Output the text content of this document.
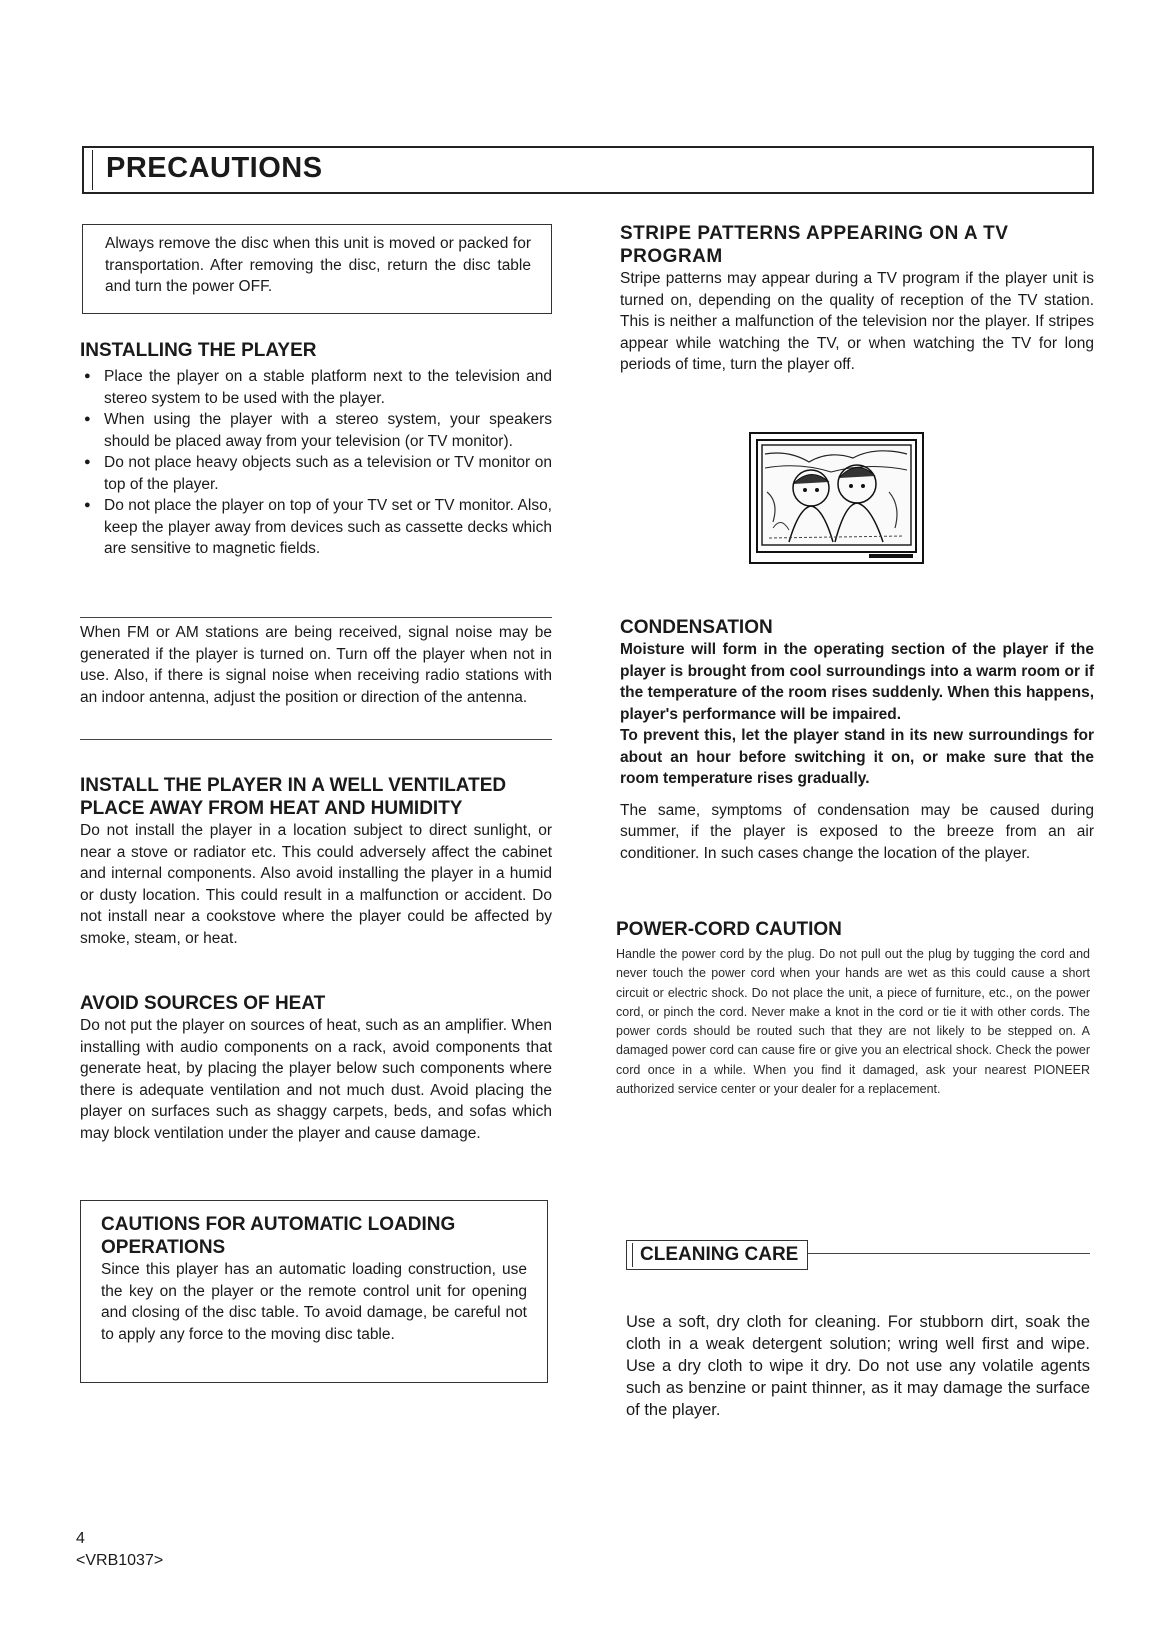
PRECAUTIONS

Always remove the disc when this unit is moved or packed for transportation. After removing the disc, return the disc table and turn the power OFF.

INSTALLING THE PLAYER
● Place the player on a stable platform next to the television and stereo system to be used with the player.
● When using the player with a stereo system, your speakers should be placed away from your television (or TV monitor).
● Do not place heavy objects such as a television or TV monitor on top of the player.
● Do not place the player on top of your TV set or TV monitor. Also, keep the player away from devices such as cassette decks which are sensitive to magnetic fields.

When FM or AM stations are being received, signal noise may be generated if the player is turned on. Turn off the player when not in use. Also, if there is signal noise when receiving radio stations with an indoor antenna, adjust the position or direction of the antenna.

INSTALL THE PLAYER IN A WELL VENTILATED PLACE AWAY FROM HEAT AND HUMIDITY

Do not install the player in a location subject to direct sunlight, or near a stove or radiator etc. This could adversely affect the cabinet and internal components. Also avoid installing the player in a humid or dusty location. This could result in a malfunction or accident. Do not install near a cookstove where the player could be affected by smoke, steam, or heat.

AVOID SOURCES OF HEAT

Do not put the player on sources of heat, such as an amplifier. When installing with audio components on a rack, avoid components that generate heat, by placing the player below such components where there is adequate ventilation and not much dust. Avoid placing the player on surfaces such as shaggy carpets, beds, and sofas which may block ventilation under the player and cause damage.

CAUTIONS FOR AUTOMATIC LOADING OPERATIONS

Since this player has an automatic loading construction, use the key on the player or the remote control unit for opening and closing of the disc table. To avoid damage, be careful not to apply any force to the moving disc table.

STRIPE PATTERNS APPEARING ON A TV PROGRAM

Stripe patterns may appear during a TV program if the player unit is turned on, depending on the quality of reception of the TV station. This is neither a malfunction of the television nor the player. If stripes appear while watching the TV, or when watching the TV for long periods of time, turn the player off.

CONDENSATION

Moisture will form in the operating section of the player if the player is brought from cool surroundings into a warm room or if the temperature of the room rises suddenly. When this happens, player's performance will be impaired.

To prevent this, let the player stand in its new surroundings for about an hour before switching it on, or make sure that the room temperature rises gradually.

The same, symptoms of condensation may be caused during summer, if the player is exposed to the breeze from an air conditioner. In such cases change the location of the player.

POWER-CORD CAUTION

Handle the power cord by the plug. Do not pull out the plug by tugging the cord and never touch the power cord when your hands are wet as this could cause a short circuit or electric shock. Do not place the unit, a piece of furniture, etc., on the power cord, or pinch the cord. Never make a knot in the cord or tie it with other cords. The power cords should be routed such that they are not likely to be stepped on. A damaged power cord can cause fire or give you an electrical shock. Check the power cord once in a while. When you find it damaged, ask your nearest PIONEER authorized service center or your dealer for a replacement.

CLEANING CARE

Use a soft, dry cloth for cleaning. For stubborn dirt, soak the cloth in a weak detergent solution; wring well first and wipe. Use a dry cloth to wipe it dry. Do not use any volatile agents such as benzine or paint thinner, as it may damage the surface of the player.

4
<VRB1037>
